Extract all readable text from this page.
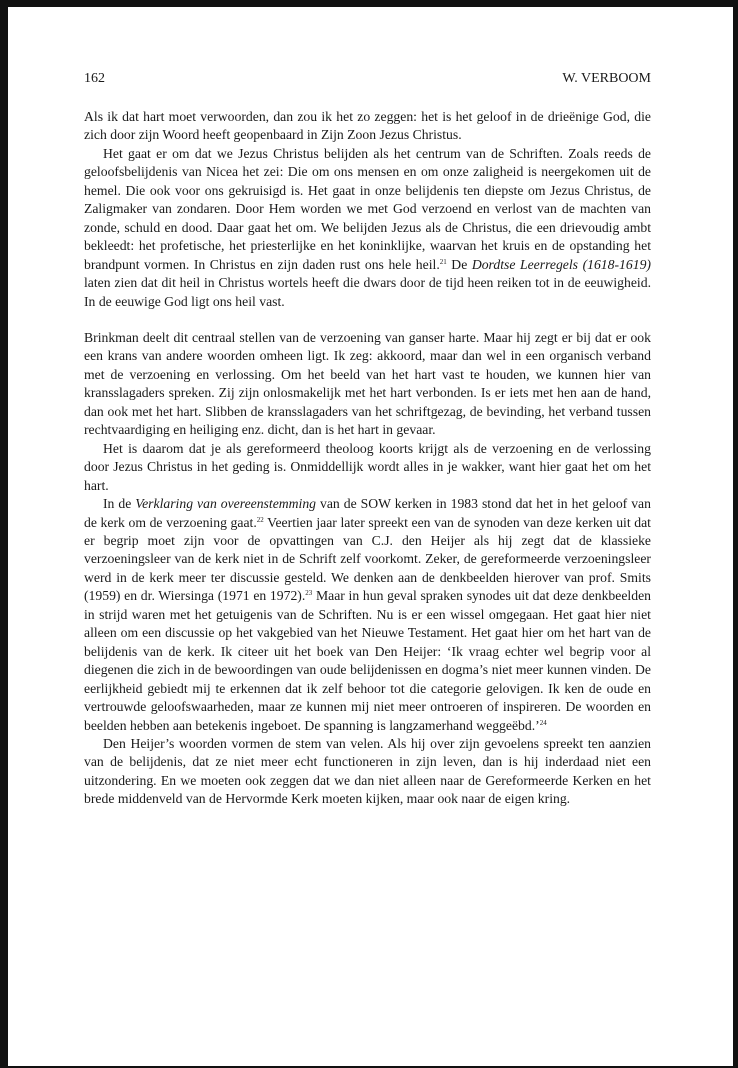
162	W. VERBOOM

Als ik dat hart moet verwoorden, dan zou ik het zo zeggen: het is het geloof in de drieënige God, die zich door zijn Woord heeft geopenbaard in Zijn Zoon Jezus Christus.

Het gaat er om dat we Jezus Christus belijden als het centrum van de Schriften. Zoals reeds de geloofsbelijdenis van Nicea het zei: Die om ons mensen en om onze zaligheid is neergekomen uit de hemel. Die ook voor ons gekruisigd is. Het gaat in onze belijdenis ten diepste om Jezus Christus, de Zaligmaker van zondaren. Door Hem worden we met God verzoend en verlost van de machten van zonde, schuld en dood. Daar gaat het om. We belijden Jezus als de Christus, die een drievoudig ambt bekleedt: het profetische, het priesterlijke en het koninklijke, waarvan het kruis en de opstanding het brandpunt vormen. In Christus en zijn daden rust ons hele heil.$^{21}$ De Dordtse Leerregels (1618-1619) laten zien dat dit heil in Christus wortels heeft die dwars door de tijd heen reiken tot in de eeuwigheid. In de eeuwige God ligt ons heil vast.

Brinkman deelt dit centraal stellen van de verzoening van ganser harte. Maar hij zegt er bij dat er ook een krans van andere woorden omheen ligt. Ik zeg: akkoord, maar dan wel in een organisch verband met de verzoening en verlossing. Om het beeld van het hart vast te houden, we kunnen hier van kransslagaders spreken. Zij zijn onlosmakelijk met het hart verbonden. Is er iets met hen aan de hand, dan ook met het hart. Slibben de kransslagaders van het schriftgezag, de bevinding, het verband tussen rechtvaardiging en heiliging enz. dicht, dan is het hart in gevaar.

Het is daarom dat je als gereformeerd theoloog koorts krijgt als de verzoening en de verlossing door Jezus Christus in het geding is. Onmiddellijk wordt alles in je wakker, want hier gaat het om het hart.

In de Verklaring van overeenstemming van de SOW kerken in 1983 stond dat het in het geloof van de kerk om de verzoening gaat.$^{22}$ Veertien jaar later spreekt een van de synoden van deze kerken uit dat er begrip moet zijn voor de opvattingen van C.J. den Heijer als hij zegt dat de klassieke verzoeningsleer van de kerk niet in de Schrift zelf voorkomt. Zeker, de gereformeerde verzoeningsleer werd in de kerk meer ter discussie gesteld. We denken aan de denkbeelden hierover van prof. Smits (1959) en dr. Wiersinga (1971 en 1972).$^{23}$ Maar in hun geval spraken synodes uit dat deze denkbeelden in strijd waren met het getuigenis van de Schriften. Nu is er een wissel omgegaan. Het gaat hier niet alleen om een discussie op het vakgebied van het Nieuwe Testament. Het gaat hier om het hart van de belijdenis van de kerk. Ik citeer uit het boek van Den Heijer: ‘Ik vraag echter wel begrip voor al diegenen die zich in de bewoordingen van oude belijdenissen en dogma’s niet meer kunnen vinden. De eerlijkheid gebiedt mij te erkennen dat ik zelf behoor tot die categorie gelovigen. Ik ken de oude en vertrouwde geloofswaarheden, maar ze kunnen mij niet meer ontroeren of inspireren. De woorden en beelden hebben aan betekenis ingeboet. De spanning is langzamerhand weggeëbd.’$^{24}$

Den Heijer’s woorden vormen de stem van velen. Als hij over zijn gevoelens spreekt ten aanzien van de belijdenis, dat ze niet meer echt functioneren in zijn leven, dan is hij inderdaad niet een uitzondering. En we moeten ook zeggen dat we dan niet alleen naar de Gereformeerde Kerken en het brede middenveld van de Hervormde Kerk moeten kijken, maar ook naar de eigen kring.
